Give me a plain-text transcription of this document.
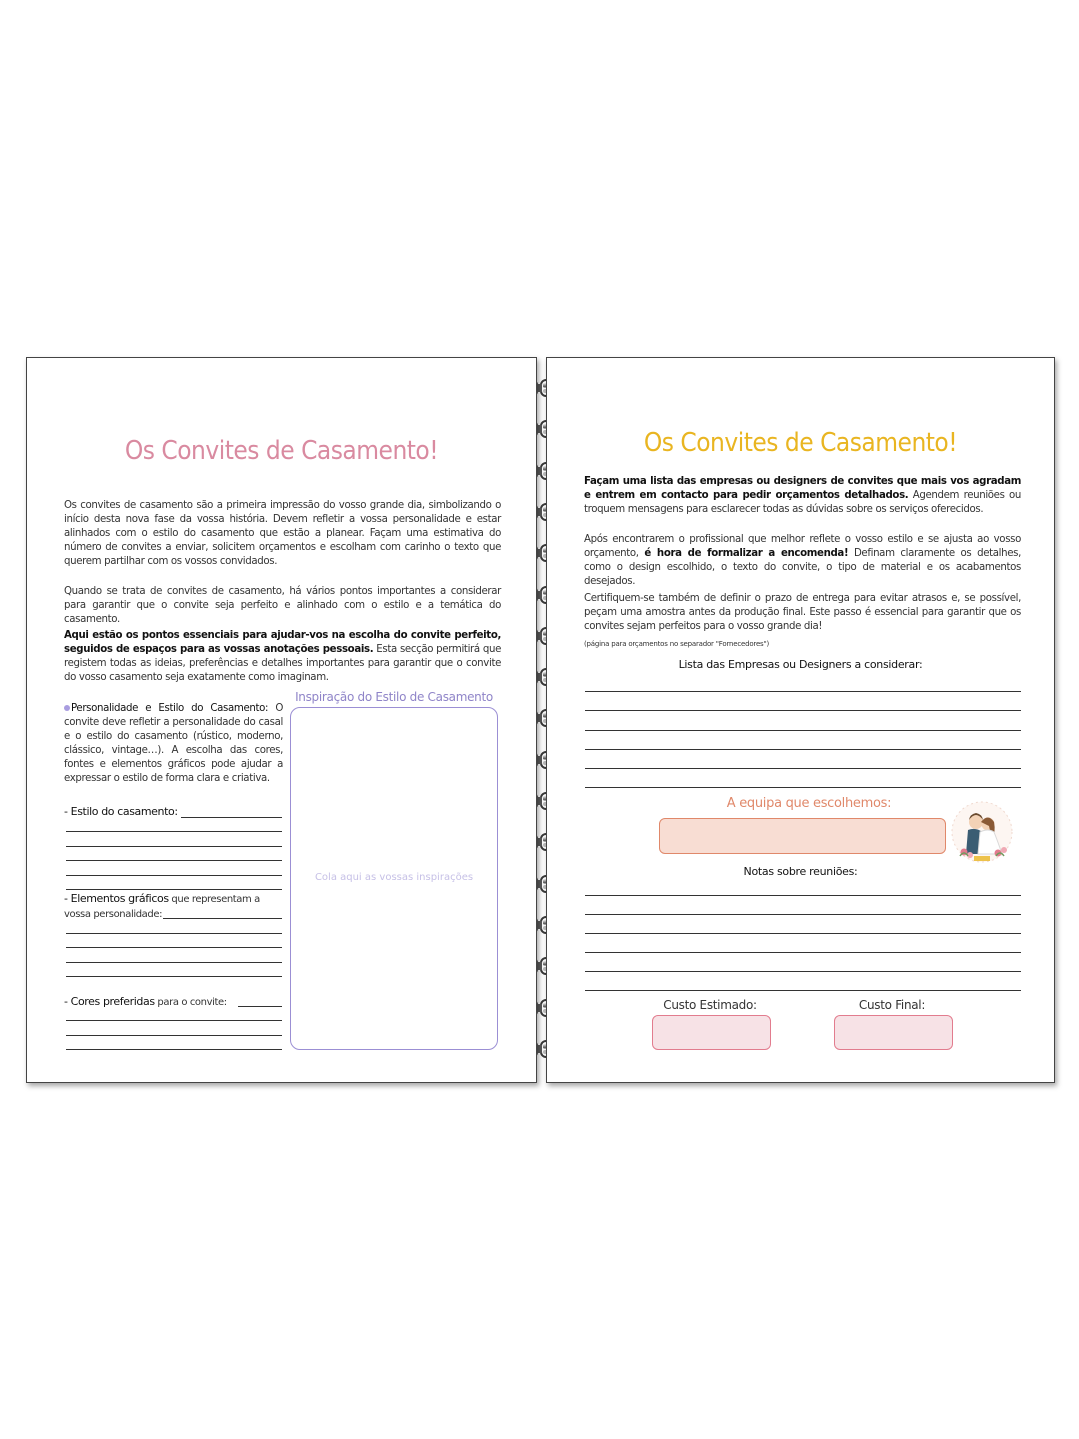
Os Convites de Casamento!
Os convites de casamento são a primeira impressão do vosso grande dia, simbolizando o início desta nova fase da vossa história. Devem refletir a vossa personalidade e estar alinhados com o estilo do casamento que estão a planear. Façam uma estimativa do número de convites a enviar, solicitem orçamentos e escolham com carinho o texto que querem partilhar com os vossos convidados.
Quando se trata de convites de casamento, há vários pontos importantes a considerar para garantir que o convite seja perfeito e alinhado com o estilo e a temática do casamento.
Aqui estão os pontos essenciais para ajudar-vos na escolha do convite perfeito, seguidos de espaços para as vossas anotações pessoais. Esta secção permitirá que registem todas as ideias, preferências e detalhes importantes para garantir que o convite do vosso casamento seja exatamente como imaginam.
Personalidade e Estilo do Casamento: O convite deve refletir a personalidade do casal e o estilo do casamento (rústico, moderno, clássico, vintage…). A escolha das cores, fontes e elementos gráficos pode ajudar a expressar o estilo de forma clara e criativa.
- Estilo do casamento:
- Elementos gráficos que representam a vossa personalidade:
- Cores preferidas para o convite:
Inspiração do Estilo de Casamento
Cola aqui as vossas inspirações
Os Convites de Casamento!
Façam uma lista das empresas ou designers de convites que mais vos agradam e entrem em contacto para pedir orçamentos detalhados. Agendem reuniões ou troquem mensagens para esclarecer todas as dúvidas sobre os serviços oferecidos.
Após encontrarem o profissional que melhor reflete o vosso estilo e se ajusta ao vosso orçamento, é hora de formalizar a encomenda! Definam claramente os detalhes, como o design escolhido, o texto do convite, o tipo de material e os acabamentos desejados.
Certifiquem-se também de definir o prazo de entrega para evitar atrasos e, se possível, peçam uma amostra antes da produção final. Este passo é essencial para garantir que os convites sejam perfeitos para o vosso grande dia!
(página para orçamentos no separador "Fornecedores")
Lista das Empresas ou Designers a considerar:
A equipa que escolhemos:
Notas sobre reuniões:
Custo Estimado:	Custo Final:
